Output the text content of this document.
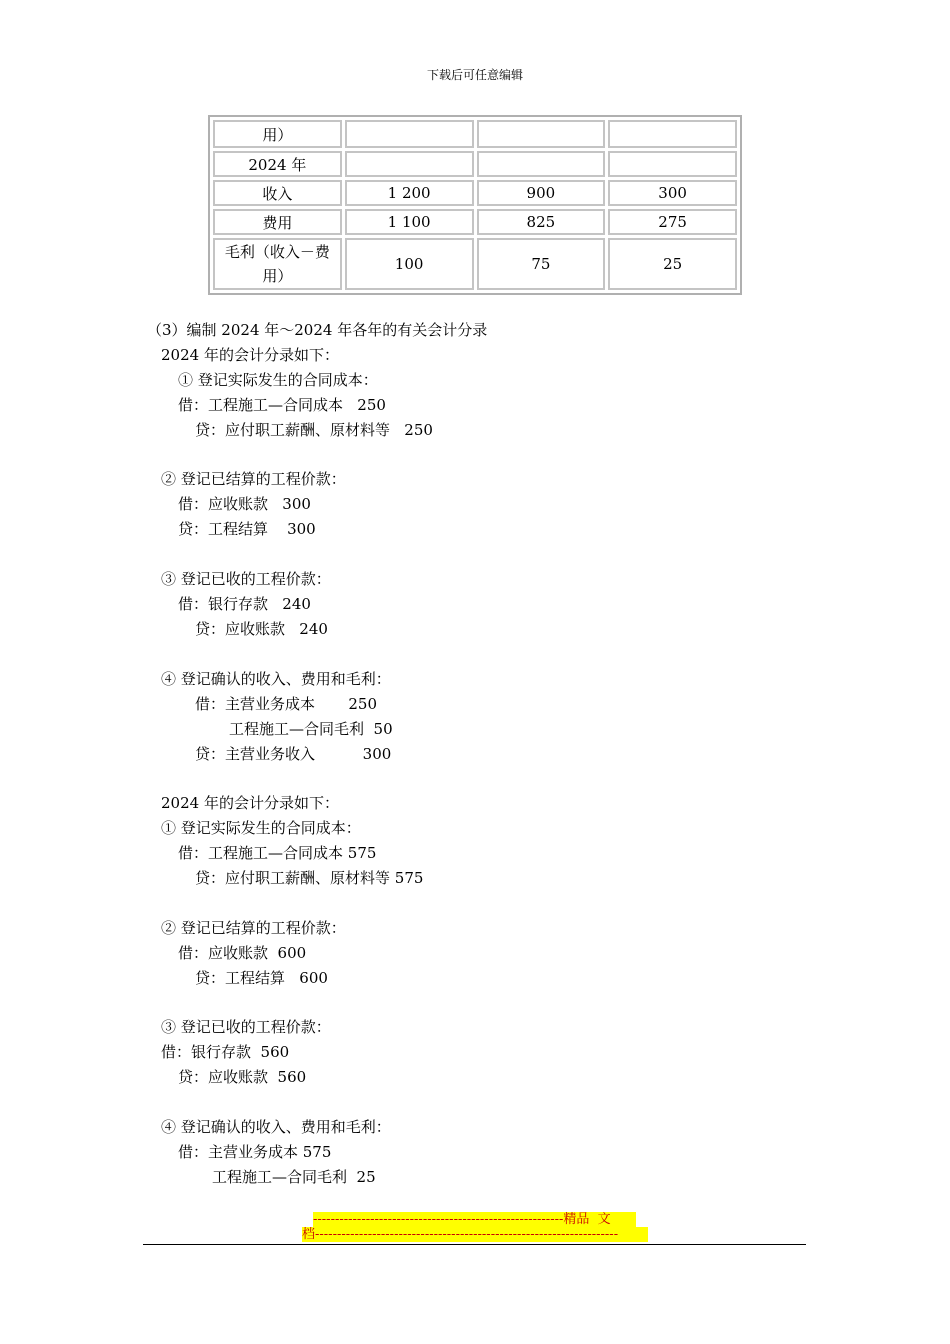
下载后可任意编辑
用）			
2024 年			
收入	1 200	900	300
费用	1 100	825	275
毛利（收入－费用）	100	75	25
（3）编制 2024 年～2024 年各年的有关会计分录
2024 年的会计分录如下：
① 登记实际发生的合同成本：
借：工程施工—合同成本   250
贷：应付职工薪酬、原材料等   250
② 登记已结算的工程价款：
借：应收账款   300
贷：工程结算    300
③ 登记已收的工程价款：
借：银行存款   240
贷：应收账款   240
④ 登记确认的收入、费用和毛利：
借：主营业务成本       250
工程施工—合同毛利  50
贷：主营业务收入          300
2024 年的会计分录如下：
① 登记实际发生的合同成本：
借：工程施工—合同成本 575
贷：应付职工薪酬、原材料等 575
② 登记已结算的工程价款：
借：应收账款  600
贷：工程结算   600
③ 登记已收的工程价款：
借：银行存款  560
贷：应收账款  560
④ 登记确认的收入、费用和毛利：
借：主营业务成本 575
工程施工—合同毛利  25
---------------------------------------------------------精品  文
档---------------------------------------------------------------------
